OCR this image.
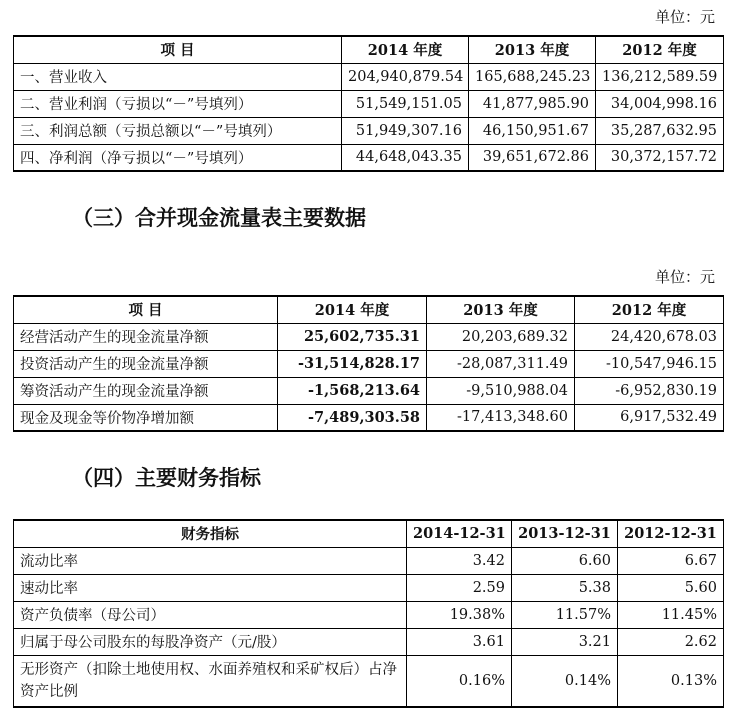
单位：元
项 目	2014 年度	2013 年度	2012 年度
一、营业收入	204,940,879.54	165,688,245.23	136,212,589.59
二、营业利润（亏损以“－”号填列）	51,549,151.05	41,877,985.90	34,004,998.16
三、利润总额（亏损总额以“－”号填列）	51,949,307.16	46,150,951.67	35,287,632.95
四、净利润（净亏损以“－”号填列）	44,648,043.35	39,651,672.86	30,372,157.72
（三）合并现金流量表主要数据
单位：元
项 目	2014 年度	2013 年度	2012 年度
经营活动产生的现金流量净额	25,602,735.31	20,203,689.32	24,420,678.03
投资活动产生的现金流量净额	-31,514,828.17	-28,087,311.49	-10,547,946.15
筹资活动产生的现金流量净额	-1,568,213.64	-9,510,988.04	-6,952,830.19
现金及现金等价物净增加额	-7,489,303.58	-17,413,348.60	6,917,532.49
（四）主要财务指标
财务指标	2014-12-31	2013-12-31	2012-12-31
流动比率	3.42	6.60	6.67
速动比率	2.59	5.38	5.60
资产负债率（母公司）	19.38%	11.57%	11.45%
归属于母公司股东的每股净资产（元/股）	3.61	3.21	2.62
无形资产（扣除土地使用权、水面养殖权和采矿权后）占净资产比例	0.16%	0.14%	0.13%
